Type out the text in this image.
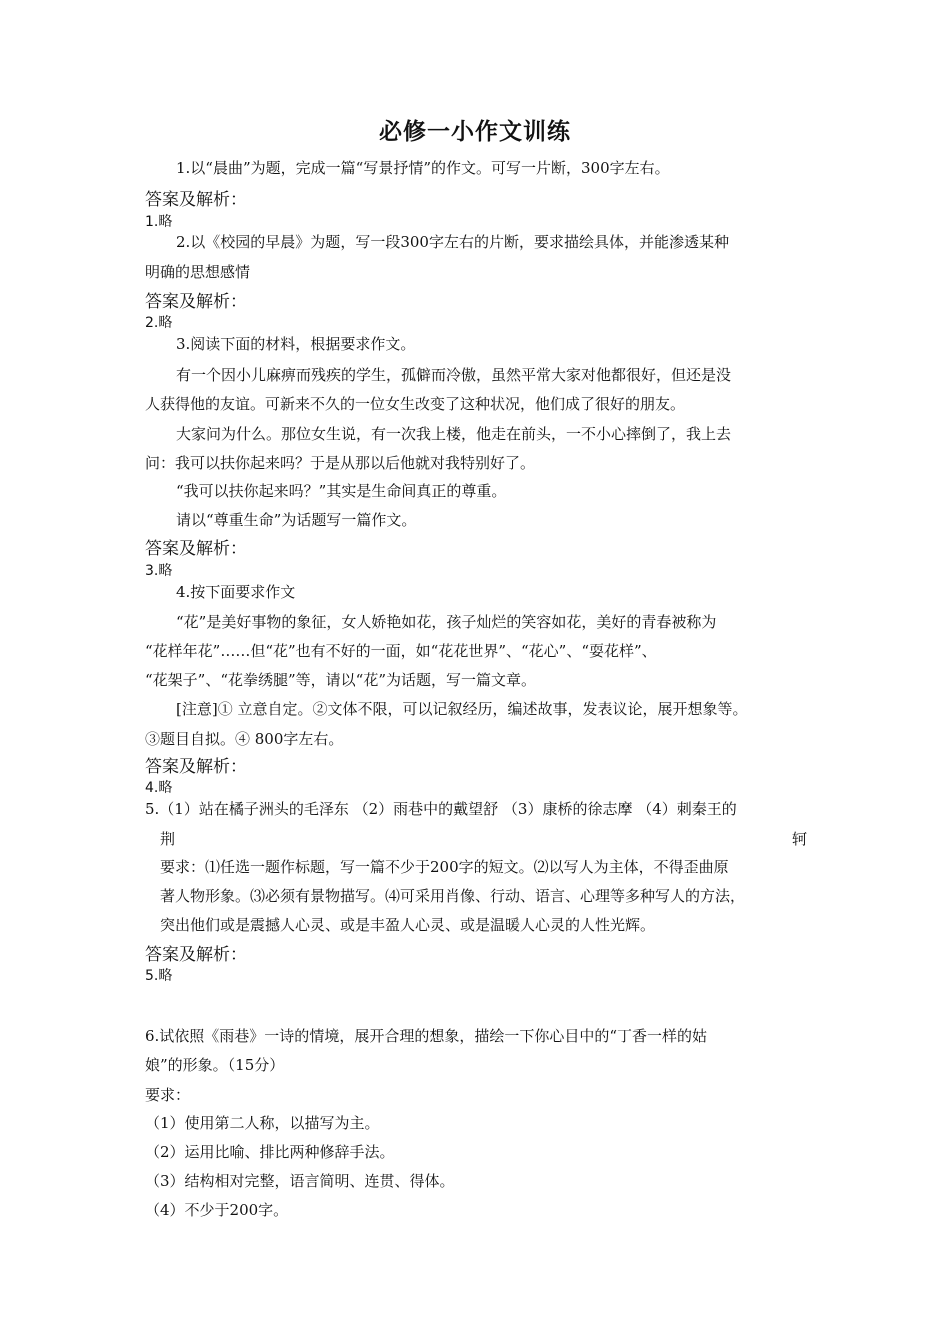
必修一小作文训练
1.以“晨曲”为题，完成一篇“写景抒情”的作文。可写一片断，300字左右。
答案及解析：
1.略
2.以《校园的早晨》为题，写一段300字左右的片断，要求描绘具体，并能渗透某种
明确的思想感情
答案及解析：
2.略
3.阅读下面的材料，根据要求作文。
有一个因小儿麻痹而残疾的学生，孤僻而冷傲，虽然平常大家对他都很好，但还是没
人获得他的友谊。可新来不久的一位女生改变了这种状况，他们成了很好的朋友。
大家问为什么。那位女生说，有一次我上楼，他走在前头，一不小心摔倒了，我上去
问：我可以扶你起来吗？于是从那以后他就对我特别好了。
“我可以扶你起来吗？”其实是生命间真正的尊重。
请以“尊重生命”为话题写一篇作文。
答案及解析：
3.略
4.按下面要求作文
“花”是美好事物的象征，女人娇艳如花，孩子灿烂的笑容如花，美好的青春被称为
“花样年花”……但“花”也有不好的一面，如“花花世界”、“花心”、“耍花样”、
“花架子”、“花拳绣腿”等，请以“花”为话题，写一篇文章。
[注意]① 立意自定。②文体不限，可以记叙经历，编述故事，发表议论，展开想象等。
③题目自拟。④ 800字左右。
答案及解析：
4.略
5.（1）站在橘子洲头的毛泽东 （2）雨巷中的戴望舒 （3）康桥的徐志摩 （4）刺秦王的
荆	轲
要求：⑴任选一题作标题，写一篇不少于200字的短文。⑵以写人为主体，不得歪曲原
著人物形象。⑶必须有景物描写。⑷可采用肖像、行动、语言、心理等多种写人的方法，
突出他们或是震撼人心灵、或是丰盈人心灵、或是温暖人心灵的人性光辉。
答案及解析：
5.略
6.试依照《雨巷》一诗的情境，展开合理的想象，描绘一下你心目中的“丁香一样的姑
娘”的形象。（15分）
要求：
（1）使用第二人称，以描写为主。
（2）运用比喻、排比两种修辞手法。
（3）结构相对完整，语言简明、连贯、得体。
（4）不少于200字。
